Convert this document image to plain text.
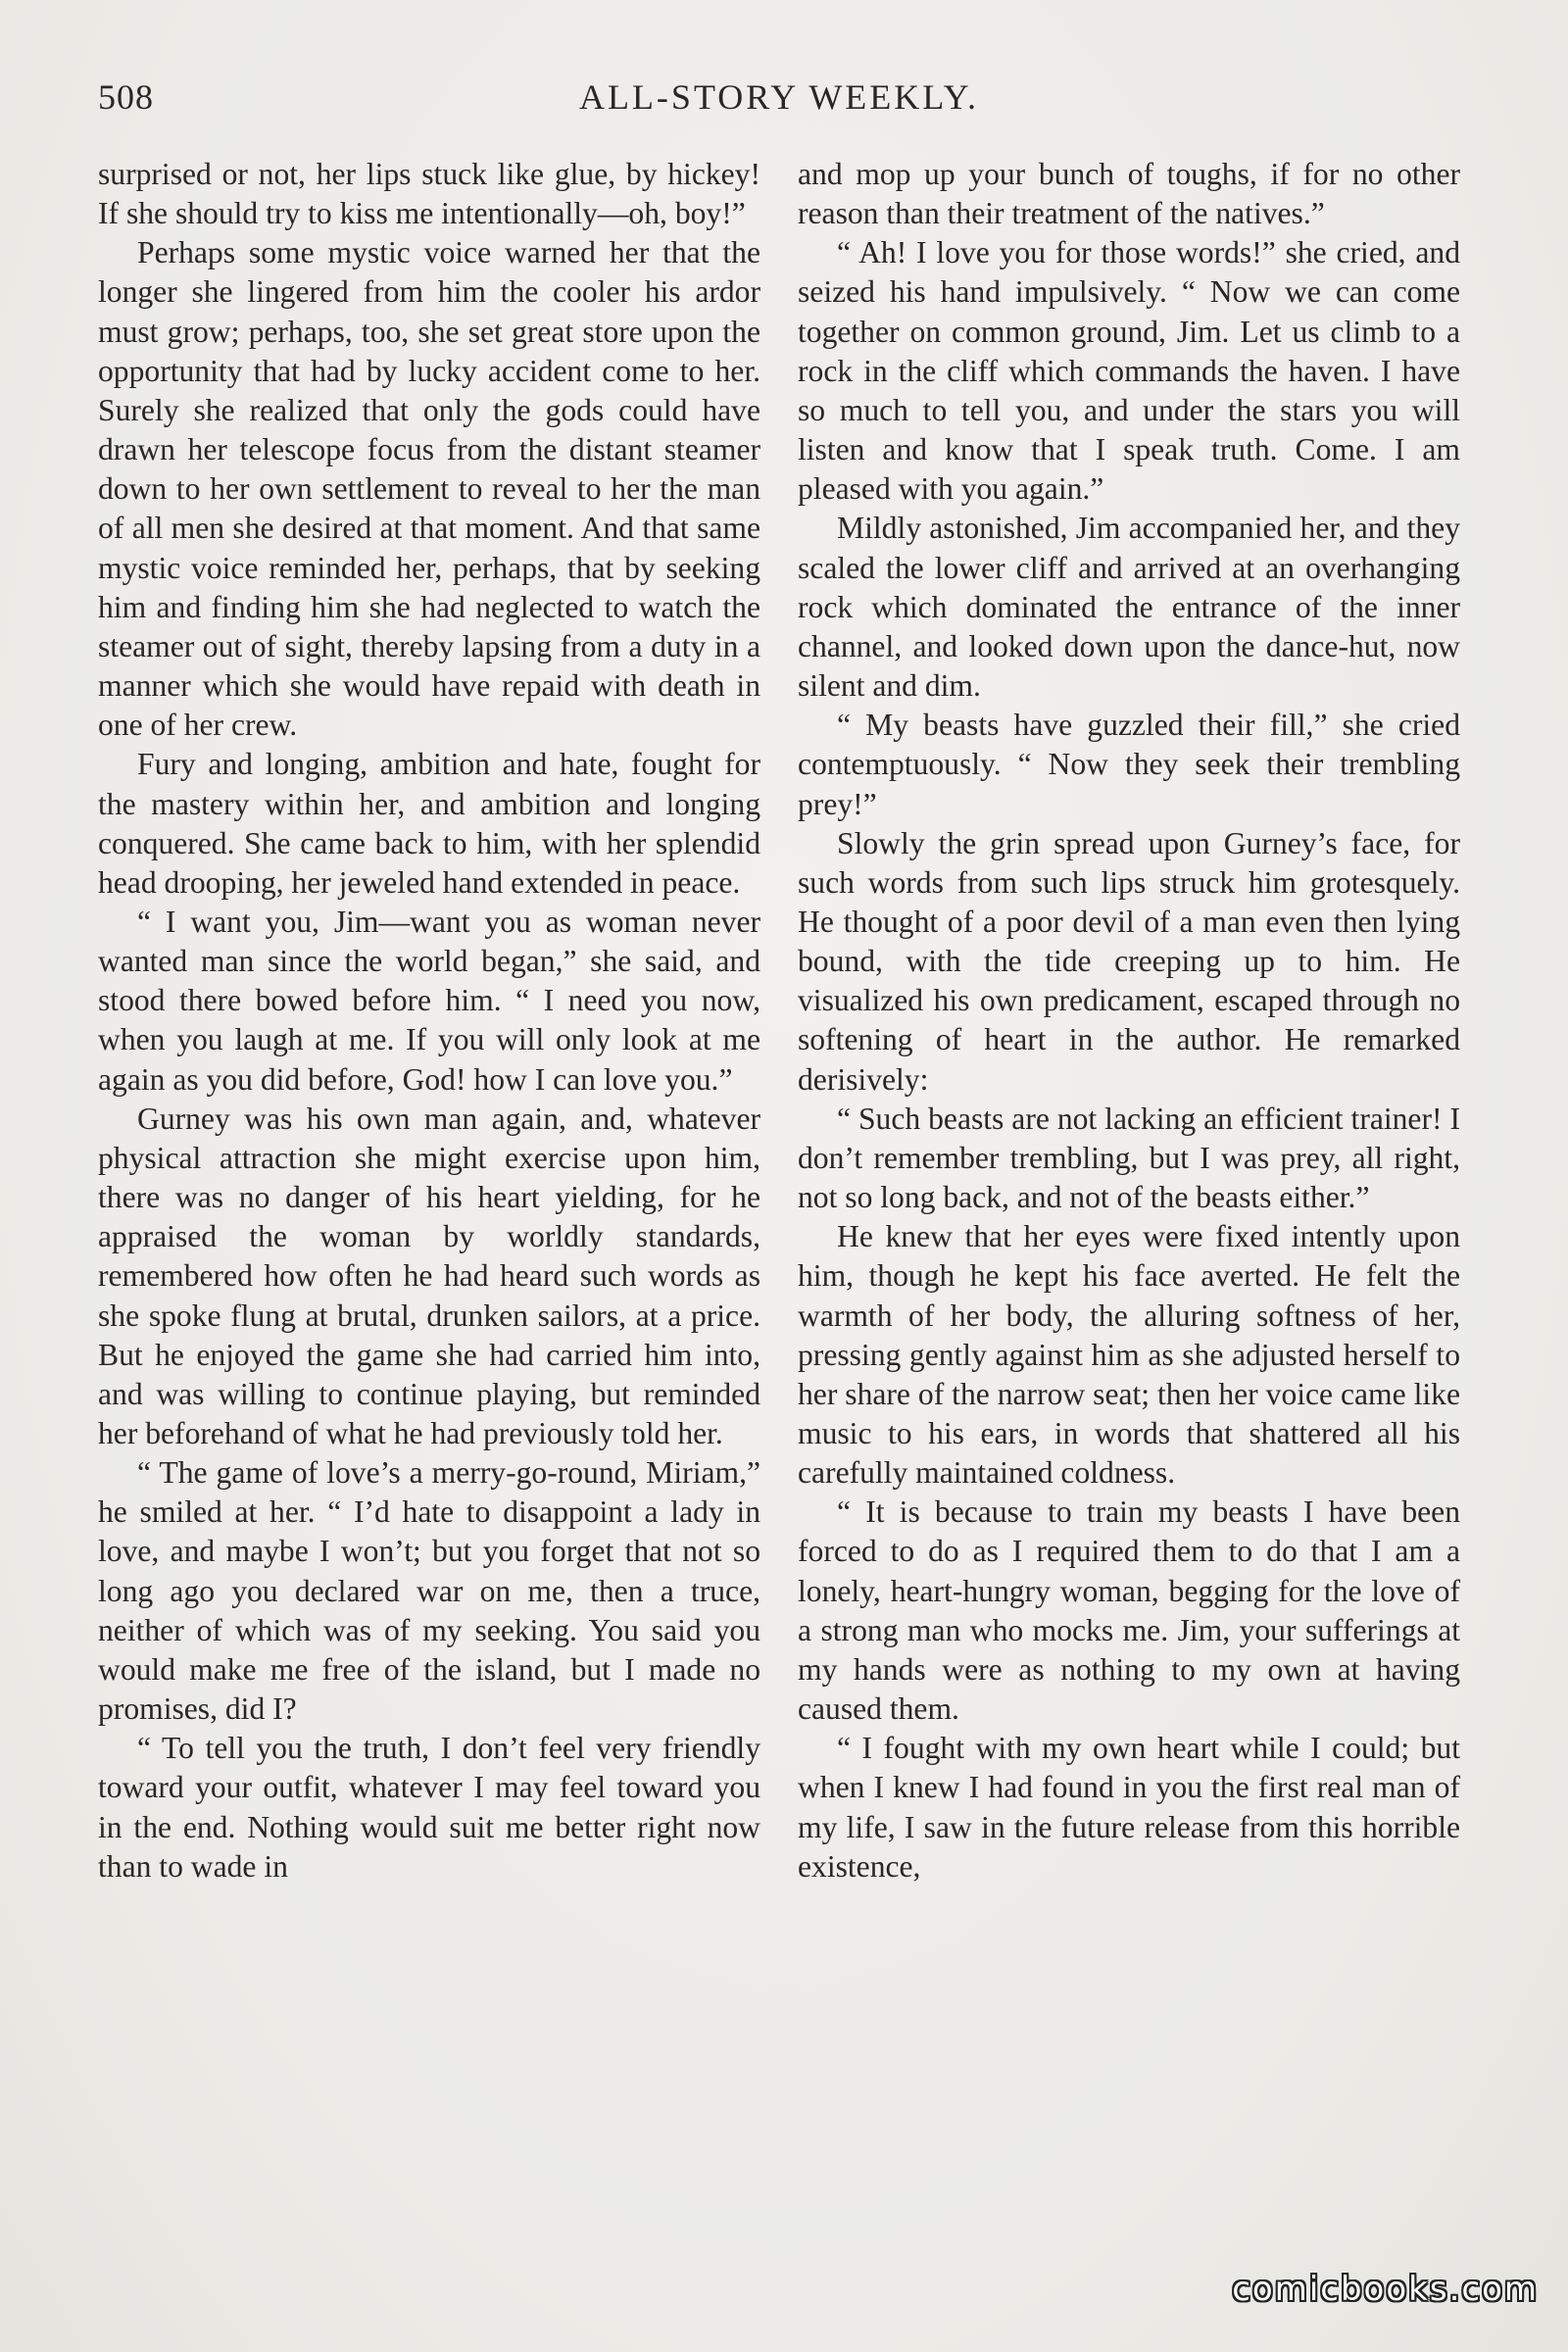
508	ALL-STORY WEEKLY.

surprised or not, her lips stuck like glue, by hickey! If she should try to kiss me intentionally—oh, boy!”

Perhaps some mystic voice warned her that the longer she lingered from him the cooler his ardor must grow; perhaps, too, she set great store upon the opportunity that had by lucky accident come to her. Surely she realized that only the gods could have drawn her telescope focus from the distant steamer down to her own settlement to reveal to her the man of all men she desired at that moment. And that same mystic voice reminded her, perhaps, that by seeking him and finding him she had neglected to watch the steamer out of sight, thereby lapsing from a duty in a manner which she would have repaid with death in one of her crew.

Fury and longing, ambition and hate, fought for the mastery within her, and ambition and longing conquered. She came back to him, with her splendid head drooping, her jeweled hand extended in peace.

“ I want you, Jim—want you as woman never wanted man since the world began,” she said, and stood there bowed before him. “ I need you now, when you laugh at me. If you will only look at me again as you did before, God! how I can love you.”

Gurney was his own man again, and, whatever physical attraction she might exercise upon him, there was no danger of his heart yielding, for he appraised the woman by worldly standards, remembered how often he had heard such words as she spoke flung at brutal, drunken sailors, at a price. But he enjoyed the game she had carried him into, and was willing to continue playing, but reminded her beforehand of what he had previously told her.

“ The game of love’s a merry-go-round, Miriam,” he smiled at her. “ I’d hate to disappoint a lady in love, and maybe I won’t; but you forget that not so long ago you declared war on me, then a truce, neither of which was of my seeking. You said you would make me free of the island, but I made no promises, did I?

“ To tell you the truth, I don’t feel very friendly toward your outfit, whatever I may feel toward you in the end. Nothing would suit me better right now than to wade in

and mop up your bunch of toughs, if for no other reason than their treatment of the natives.”

“ Ah! I love you for those words!” she cried, and seized his hand impulsively. “ Now we can come together on common ground, Jim. Let us climb to a rock in the cliff which commands the haven. I have so much to tell you, and under the stars you will listen and know that I speak truth. Come. I am pleased with you again.”

Mildly astonished, Jim accompanied her, and they scaled the lower cliff and arrived at an overhanging rock which dominated the entrance of the inner channel, and looked down upon the dance-hut, now silent and dim.

“ My beasts have guzzled their fill,” she cried contemptuously. “ Now they seek their trembling prey!”

Slowly the grin spread upon Gurney’s face, for such words from such lips struck him grotesquely. He thought of a poor devil of a man even then lying bound, with the tide creeping up to him. He visualized his own predicament, escaped through no softening of heart in the author. He remarked derisively:

“ Such beasts are not lacking an efficient trainer! I don’t remember trembling, but I was prey, all right, not so long back, and not of the beasts either.”

He knew that her eyes were fixed intently upon him, though he kept his face averted. He felt the warmth of her body, the alluring softness of her, pressing gently against him as she adjusted herself to her share of the narrow seat; then her voice came like music to his ears, in words that shattered all his carefully maintained coldness.

“ It is because to train my beasts I have been forced to do as I required them to do that I am a lonely, heart-hungry woman, begging for the love of a strong man who mocks me. Jim, your sufferings at my hands were as nothing to my own at having caused them.

“ I fought with my own heart while I could; but when I knew I had found in you the first real man of my life, I saw in the future release from this horrible existence,

comicbooks.com
